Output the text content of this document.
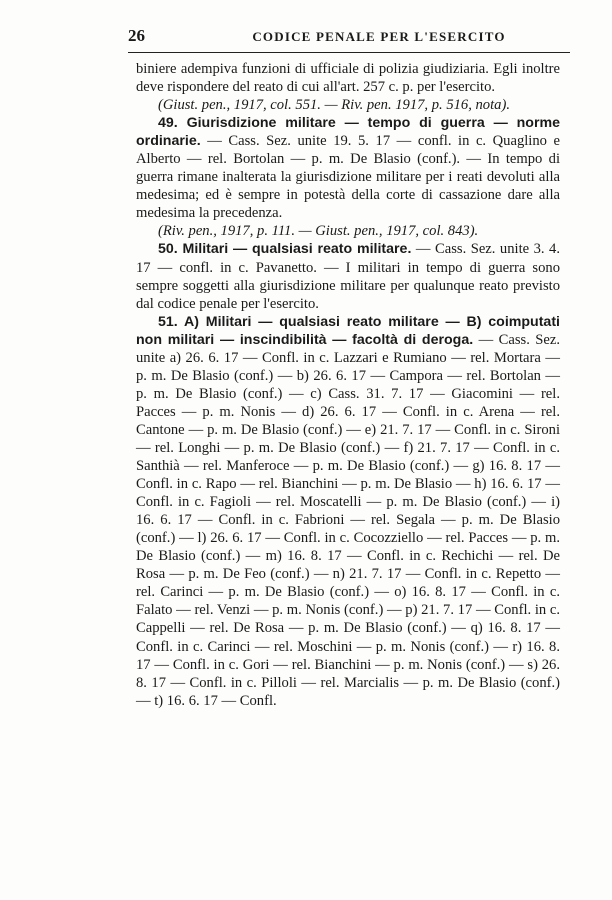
26	CODICE PENALE PER L'ESERCITO

biniere adempiva funzioni di ufficiale di polizia giudiziaria. Egli inoltre deve rispondere del reato di cui all'art. 257 c. p. per l'esercito.

(Giust. pen., 1917, col. 551. — Riv. pen. 1917, p. 516, nota).

49. Giurisdizione militare — tempo di guerra — norme ordinarie. — Cass. Sez. unite 19. 5. 17 — confl. in c. Quaglino e Alberto — rel. Bortolan — p. m. De Blasio (conf.). — In tempo di guerra rimane inalterata la giurisdizione militare per i reati devoluti alla medesima; ed è sempre in potestà della corte di cassazione dare alla medesima la precedenza.

(Riv. pen., 1917, p. 111. — Giust. pen., 1917, col. 843).

50. Militari — qualsiasi reato militare. — Cass. Sez. unite 3. 4. 17 — confl. in c. Pavanetto. — I militari in tempo di guerra sono sempre soggetti alla giurisdizione militare per qualunque reato previsto dal codice penale per l'esercito.

51. A) Militari — qualsiasi reato militare — B) coimputati non militari — inscindibilità — facoltà di deroga. — Cass. Sez. unite a) 26. 6. 17 — Confl. in c. Lazzari e Rumiano — rel. Mortara — p. m. De Blasio (conf.) — b) 26. 6. 17 — Campora — rel. Bortolan — p. m. De Blasio (conf.) — c) Cass. 31. 7. 17 — Giacomini — rel. Pacces — p. m. Nonis — d) 26. 6. 17 — Confl. in c. Arena — rel. Cantone — p. m. De Blasio (conf.) — e) 21. 7. 17 — Confl. in c. Sironi — rel. Longhi — p. m. De Blasio (conf.) — f) 21. 7. 17 — Confl. in c. Santhià — rel. Manferoce — p. m. De Blasio (conf.) — g) 16. 8. 17 — Confl. in c. Rapo — rel. Bianchini — p. m. De Blasio — h) 16. 6. 17 — Confl. in c. Fagioli — rel. Moscatelli — p. m. De Blasio (conf.) — i) 16. 6. 17 — Confl. in c. Fabrioni — rel. Segala — p. m. De Blasio (conf.) — l) 26. 6. 17 — Confl. in c. Cocozziello — rel. Pacces — p. m. De Blasio (conf.) — m) 16. 8. 17 — Confl. in c. Rechichi — rel. De Rosa — p. m. De Feo (conf.) — n) 21. 7. 17 — Confl. in c. Repetto — rel. Carinci — p. m. De Blasio (conf.) — o) 16. 8. 17 — Confl. in c. Falato — rel. Venzi — p. m. Nonis (conf.) — p) 21. 7. 17 — Confl. in c. Cappelli — rel. De Rosa — p. m. De Blasio (conf.) — q) 16. 8. 17 — Confl. in c. Carinci — rel. Moschini — p. m. Nonis (conf.) — r) 16. 8. 17 — Confl. in c. Gori — rel. Bianchini — p. m. Nonis (conf.) — s) 26. 8. 17 — Confl. in c. Pilloli — rel. Marcialis — p. m. De Blasio (conf.) — t) 16. 6. 17 — Confl.
